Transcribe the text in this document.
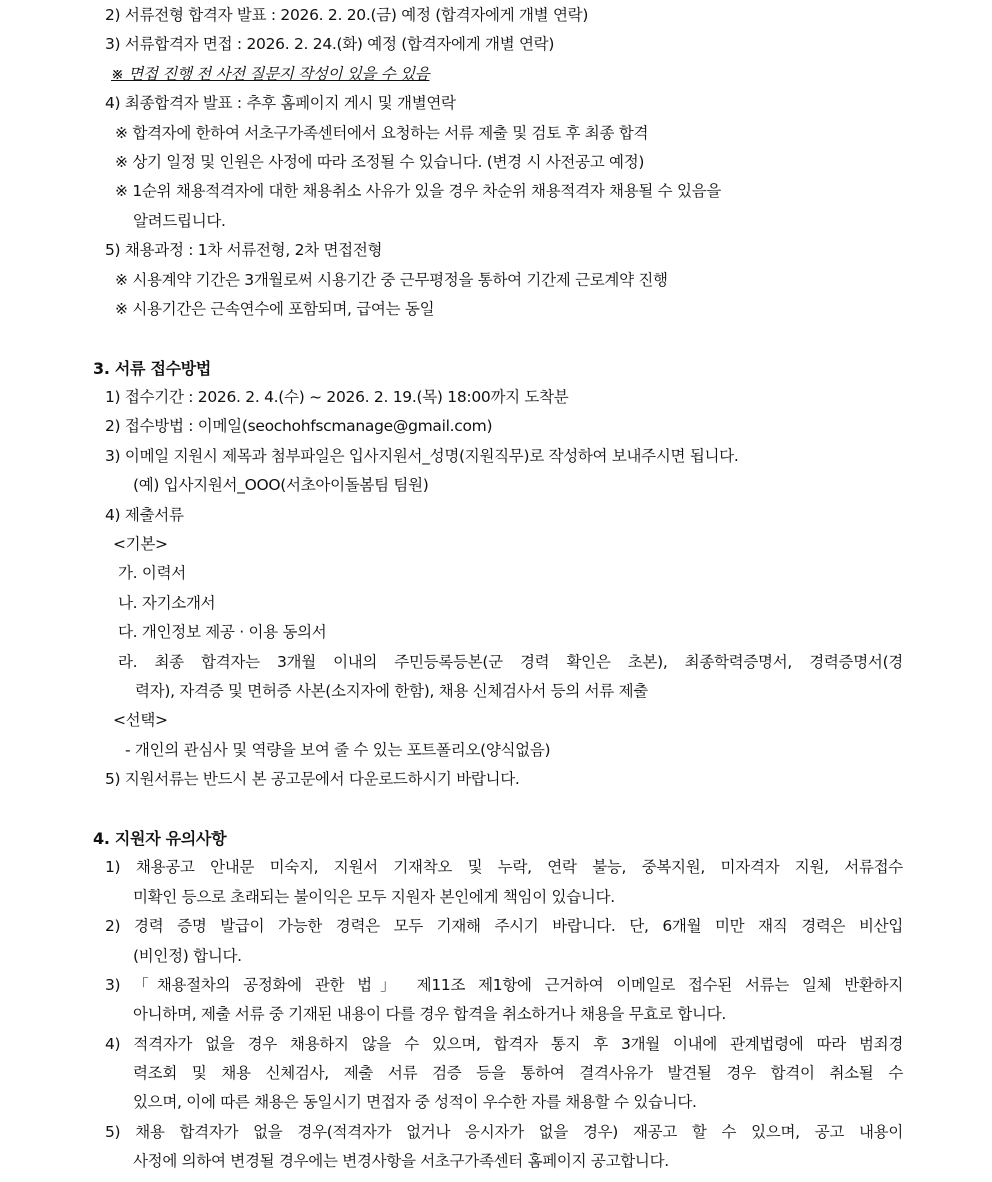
2) 서류전형 합격자 발표 : 2026. 2. 20.(금) 예정 (합격자에게 개별 연락)
3) 서류합격자 면접 : 2026. 2. 24.(화) 예정 (합격자에게 개별 연락)
※ 면접 진행 전 사전 질문지 작성이 있을 수 있음
4) 최종합격자 발표 : 추후 홈페이지 게시 및 개별연락
※ 합격자에 한하여 서초구가족센터에서 요청하는 서류 제출 및 검토 후 최종 합격
※ 상기 일정 및 인원은 사정에 따라 조정될 수 있습니다. (변경 시 사전공고 예정)
※ 1순위 채용적격자에 대한 채용취소 사유가 있을 경우 차순위 채용적격자 채용될 수 있음을
알려드립니다.
5) 채용과정 : 1차 서류전형, 2차 면접전형
※ 시용계약 기간은 3개월로써 시용기간 중 근무평정을 통하여 기간제 근로계약 진행
※ 시용기간은 근속연수에 포함되며, 급여는 동일
3. 서류 접수방법
1) 접수기간 : 2026. 2. 4.(수) ~ 2026. 2. 19.(목) 18:00까지 도착분
2) 접수방법 : 이메일(seochohfscmanage@gmail.com)
3) 이메일 지원시 제목과 첨부파일은 입사지원서_성명(지원직무)로 작성하여 보내주시면 됩니다.
(예) 입사지원서_OOO(서초아이돌봄팀 팀원)
4) 제출서류
<기본>
가. 이력서
나. 자기소개서
다. 개인정보 제공 · 이용 동의서
라. 최종 합격자는 3개월 이내의 주민등록등본(군 경력 확인은 초본), 최종학력증명서, 경력증명서(경
력자), 자격증 및 면허증 사본(소지자에 한함), 채용 신체검사서 등의 서류 제출
<선택>
- 개인의 관심사 및 역량을 보여 줄 수 있는 포트폴리오(양식없음)
5) 지원서류는 반드시 본 공고문에서 다운로드하시기 바랍니다.
4. 지원자 유의사항
1) 채용공고 안내문 미숙지, 지원서 기재착오 및 누락, 연락 불능, 중복지원, 미자격자 지원, 서류접수
미확인 등으로 초래되는 불이익은 모두 지원자 본인에게 책임이 있습니다.
2) 경력 증명 발급이 가능한 경력은 모두 기재해 주시기 바랍니다. 단, 6개월 미만 재직 경력은 비산입
(비인정) 합니다.
3) 「채용절차의 공정화에 관한 법」 제11조 제1항에 근거하여 이메일로 접수된 서류는 일체 반환하지
아니하며, 제출 서류 중 기재된 내용이 다를 경우 합격을 취소하거나 채용을 무효로 합니다.
4) 적격자가 없을 경우 채용하지 않을 수 있으며, 합격자 통지 후 3개월 이내에 관계법령에 따라 범죄경
력조회 및 채용 신체검사, 제출 서류 검증 등을 통하여 결격사유가 발견될 경우 합격이 취소될 수
있으며, 이에 따른 채용은 동일시기 면접자 중 성적이 우수한 자를 채용할 수 있습니다.
5) 채용 합격자가 없을 경우(적격자가 없거나 응시자가 없을 경우) 재공고 할 수 있으며, 공고 내용이
사정에 의하여 변경될 경우에는 변경사항을 서초구가족센터 홈페이지 공고합니다.
